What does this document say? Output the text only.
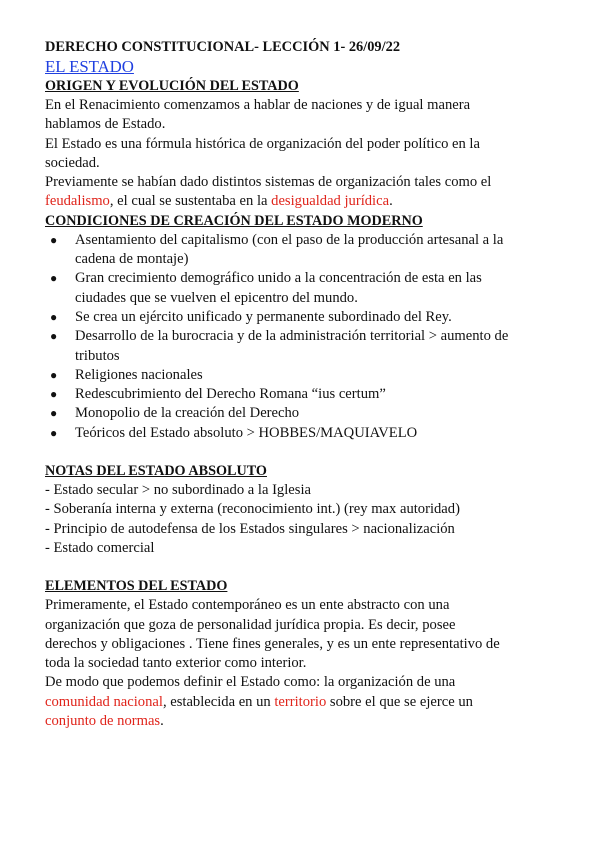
DERECHO CONSTITUCIONAL- LECCIÓN 1- 26/09/22

EL ESTADO

ORIGEN Y EVOLUCIÓN DEL ESTADO

En el Renacimiento comenzamos a hablar de naciones y de igual manera

hablamos de Estado.

El Estado es una fórmula histórica de organización del poder político en la

sociedad.

Previamente se habían dado distintos sistemas de organización tales como el

feudalismo, el cual se sustentaba en la desigualdad jurídica.

CONDICIONES DE CREACIÓN DEL ESTADO MODERNO

● Asentamiento del capitalismo (con el paso de la producción artesanal a la
cadena de montaje)
● Gran crecimiento demográfico unido a la concentración de esta en las
ciudades que se vuelven el epicentro del mundo.
● Se crea un ejército unificado y permanente subordinado del Rey.
● Desarrollo de la burocracia y de la administración territorial > aumento de
tributos
● Religiones nacionales
● Redescubrimiento del Derecho Romana “ius certum”
● Monopolio de la creación del Derecho
● Teóricos del Estado absoluto > HOBBES/MAQUIAVELO

NOTAS DEL ESTADO ABSOLUTO

- Estado secular > no subordinado a la Iglesia

- Soberanía interna y externa (reconocimiento int.) (rey max autoridad)

- Principio de autodefensa de los Estados singulares > nacionalización

- Estado comercial

ELEMENTOS DEL ESTADO

Primeramente, el Estado contemporáneo es un ente abstracto con una

organización que goza de personalidad jurídica propia. Es decir, posee

derechos y obligaciones . Tiene fines generales, y es un ente representativo de

toda la sociedad tanto exterior como interior.

De modo que podemos definir el Estado como: la organización de una

comunidad nacional, establecida en un territorio sobre el que se ejerce un

conjunto de normas.
